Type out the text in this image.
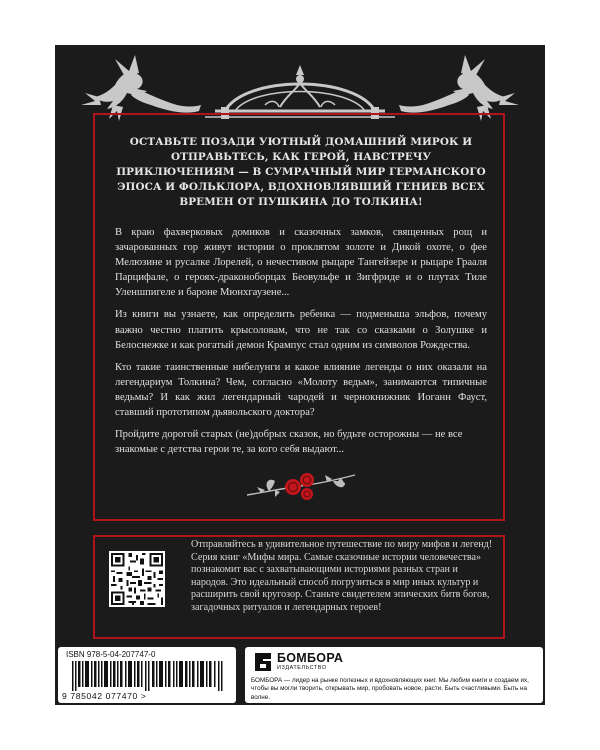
ОСТАВЬТЕ ПОЗАДИ УЮТНЫЙ ДОМАШНИЙ МИРОК И ОТПРАВЬТЕСЬ, КАК ГЕРОЙ, НАВСТРЕЧУ ПРИКЛЮЧЕНИЯМ — В СУМРАЧНЫЙ МИР ГЕРМАНСКОГО ЭПОСА И ФОЛЬКЛОРА, ВДОХНОВЛЯВШИЙ ГЕНИЕВ ВСЕХ ВРЕМЕН ОТ ПУШКИНА ДО ТОЛКИНА!

В краю фахверковых домиков и сказочных замков, священных рощ и зачарованных гор живут истории о проклятом золоте и Дикой охоте, о фее Мелюзине и русалке Лорелей, о нечестивом рыцаре Тангейзере и рыцаре Грааля Парцифале, о героях-драконоборцах Беовульфе и Зигфриде и о плутах Тиле Уленшпигеле и бароне Мюнхгаузене...

Из книги вы узнаете, как определить ребенка — подменыша эльфов, почему важно честно платить крысоловам, что не так со сказками о Золушке и Белоснежке и как рогатый демон Крампус стал одним из символов Рождества.

Кто такие таинственные нибелунги и какое влияние легенды о них оказали на легендариум Толкина? Чем, согласно «Молоту ведьм», занимаются типичные ведьмы? И как жил легендарный чародей и чернокнижник Иоганн Фауст, ставший прототипом дьявольского доктора?

Пройдите дорогой старых (не)добрых сказок, но будьте осторожны — не все знакомые с детства герои те, за кого себя выдают...

Отправляйтесь в удивительное путешествие по миру мифов и легенд! Серия книг «Мифы мира. Самые сказочные истории человечества» познакомит вас с захватывающими историями разных стран и народов. Это идеальный способ погрузиться в мир иных культур и расширить свой кругозор. Станьте свидетелем эпических битв богов, загадочных ритуалов и легендарных героев!

ISBN 978-5-04-207747-0
9 785042 077470 >
БОМБОРА
ИЗДАТЕЛЬСТВО

БОМБОРА — лидер на рынке полезных и вдохновляющих книг. Мы любим книги и создаем их, чтобы вы могли творить, открывать мир, пробовать новое, расти. Быть счастливыми. Быть на волне.
